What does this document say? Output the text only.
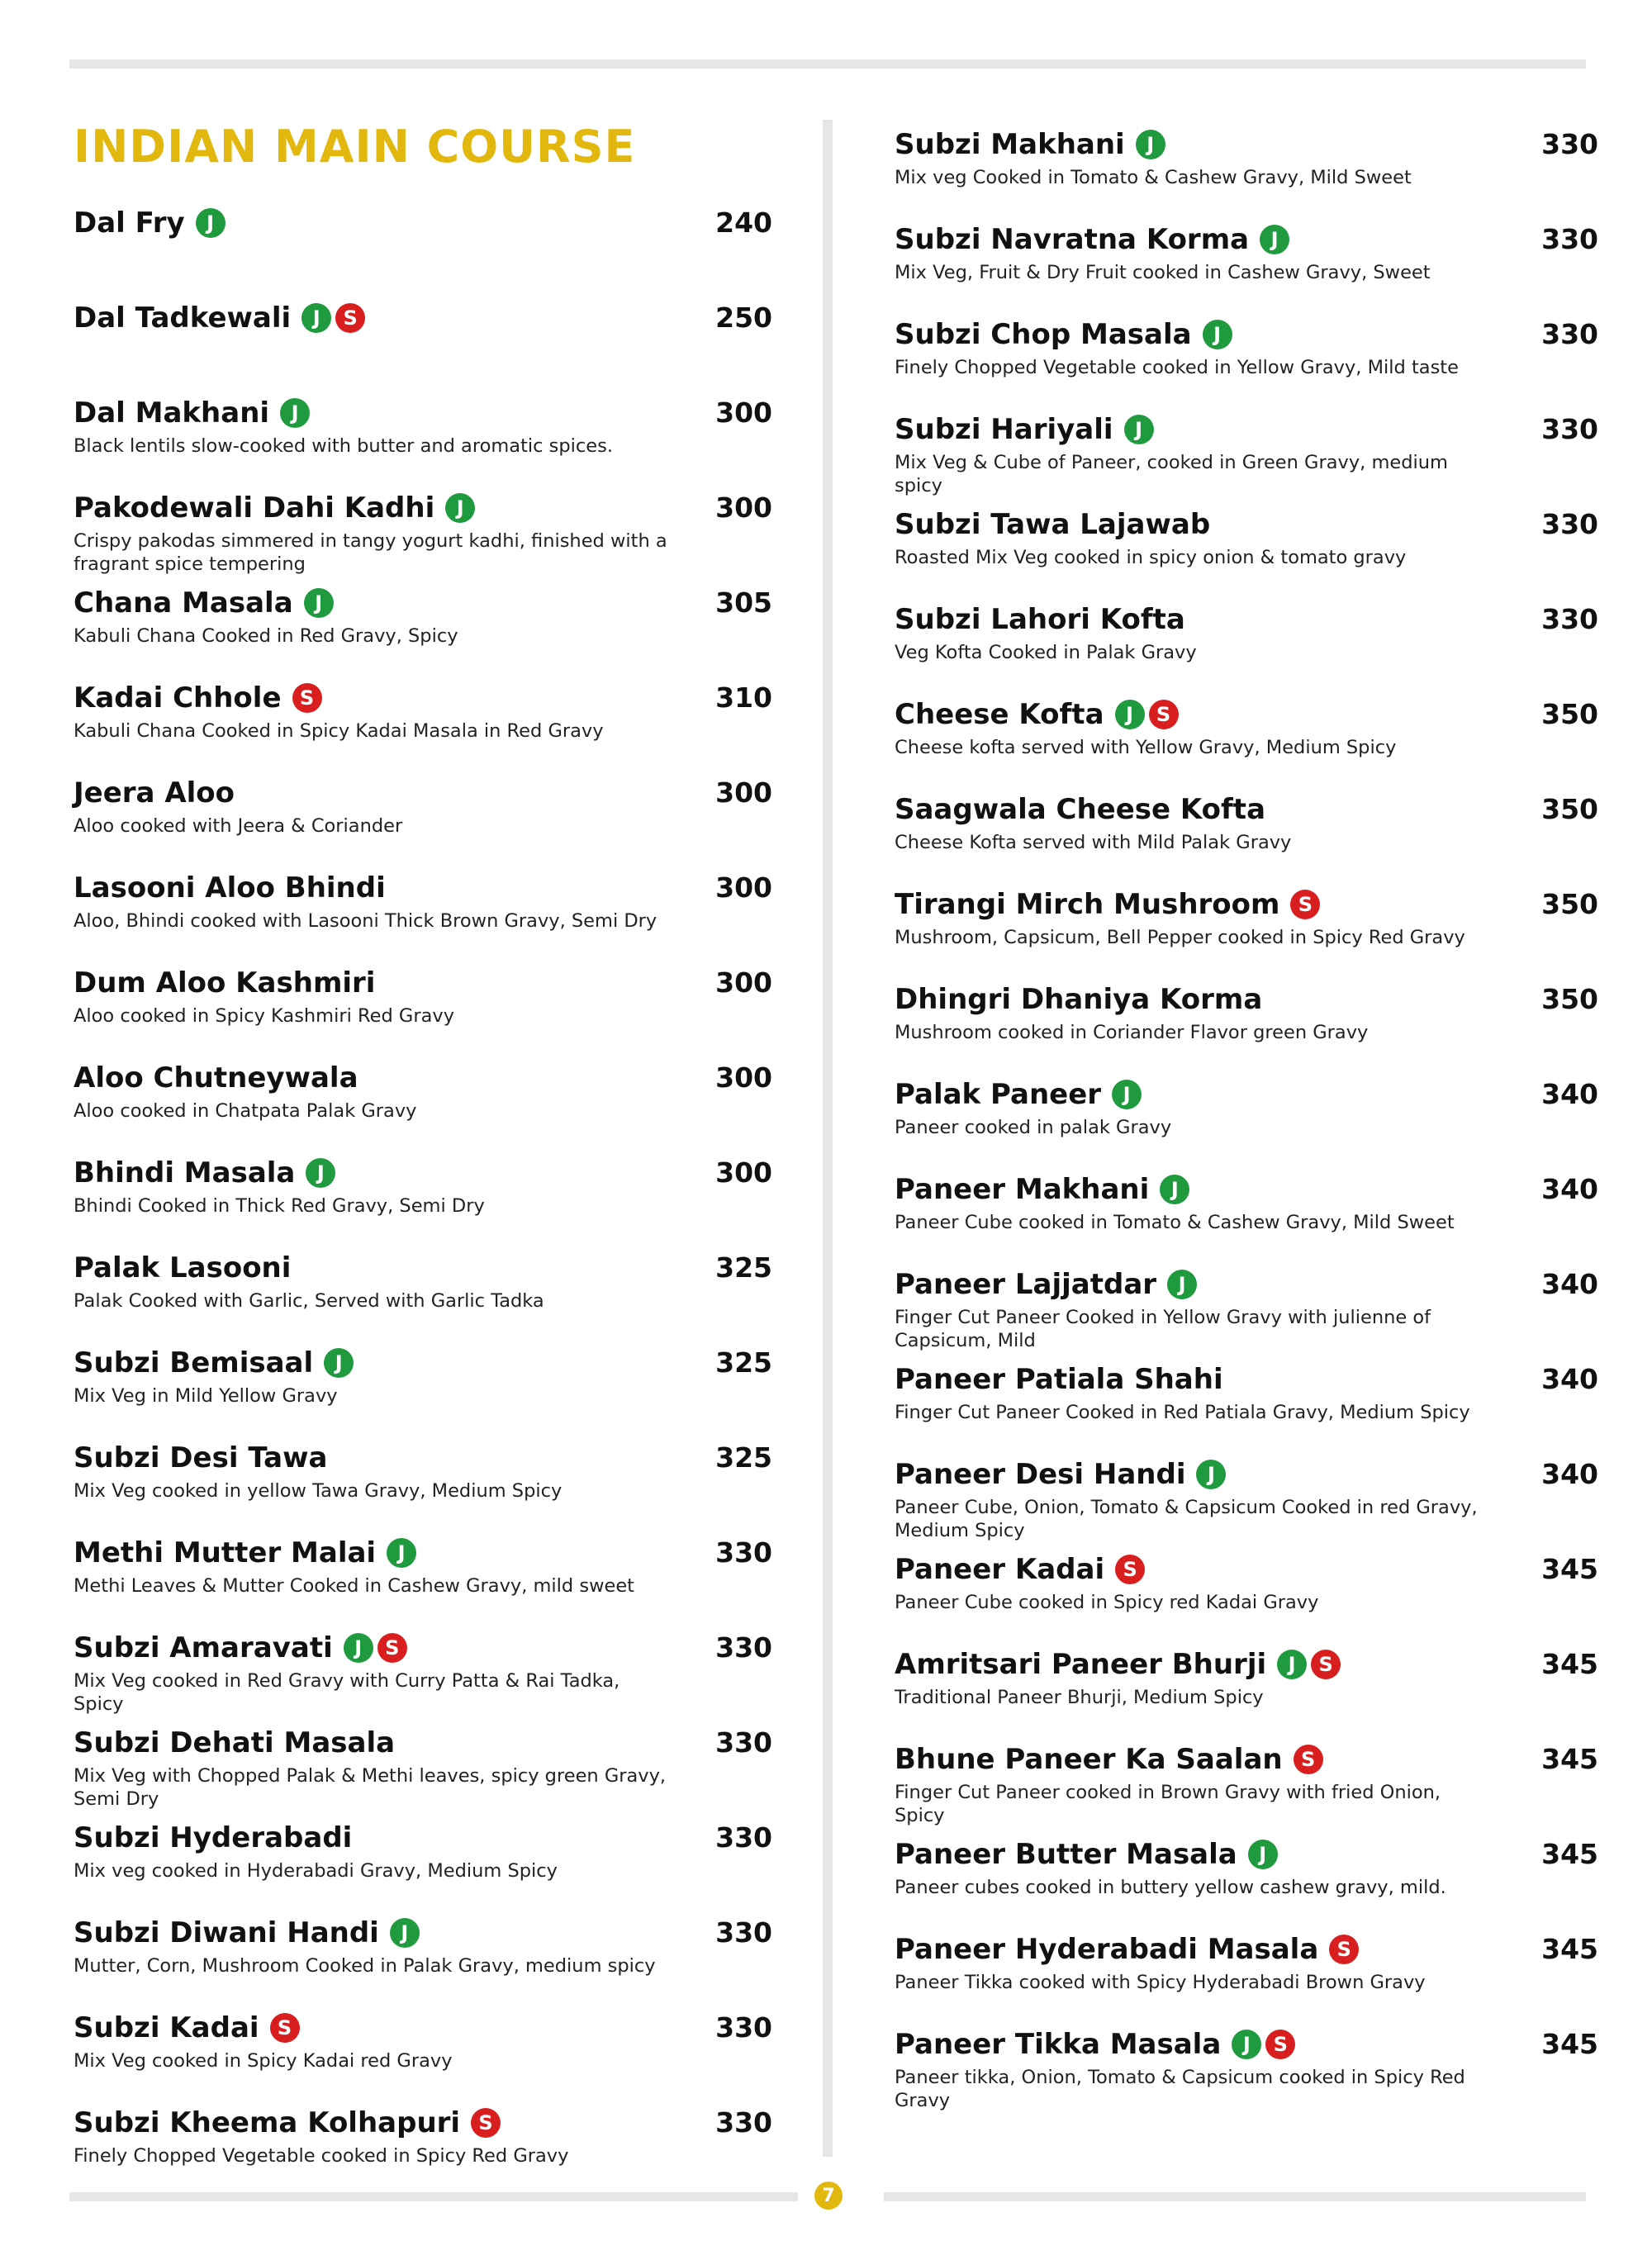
INDIAN MAIN COURSE
Dal Fry	J	240
Dal Tadkewali	J	S	250
Dal Makhani	J	300
Black lentils slow-cooked with butter and aromatic spices.
Pakodewali Dahi Kadhi	J	300
Crispy pakodas simmered in tangy yogurt kadhi, finished with a fragrant spice tempering
Chana Masala	J	305
Kabuli Chana Cooked in Red Gravy, Spicy
Kadai Chhole S	310
Kabuli Chana Cooked in Spicy Kadai Masala in Red Gravy
Jeera Aloo	300
Aloo cooked with Jeera & Coriander
Lasooni Aloo Bhindi	300
Aloo, Bhindi cooked with Lasooni Thick Brown Gravy, Semi Dry
Dum Aloo Kashmiri	300
Aloo cooked in Spicy Kashmiri Red Gravy
Aloo Chutneywala	300
Aloo cooked in Chatpata Palak Gravy
Bhindi Masala	J	300
Bhindi Cooked in Thick Red Gravy, Semi Dry
Palak Lasooni	325
Palak Cooked with Garlic, Served with Garlic Tadka
Subzi Bemisaal	J	325
Mix Veg in Mild Yellow Gravy
Subzi Desi Tawa	325
Mix Veg cooked in yellow Tawa Gravy, Medium Spicy
Methi Mutter Malai	J	330
Methi Leaves & Mutter Cooked in Cashew Gravy, mild sweet
Subzi Amaravati	J	S	330
Mix Veg cooked in Red Gravy with Curry Patta & Rai Tadka, Spicy
Subzi Dehati Masala	330
Mix Veg with Chopped Palak & Methi leaves, spicy green Gravy, Semi Dry
Subzi Hyderabadi	330
Mix veg cooked in Hyderabadi Gravy, Medium Spicy
Subzi Diwani Handi	J	330
Mutter, Corn, Mushroom Cooked in Palak Gravy, medium spicy
Subzi Kadai S	330
Mix Veg cooked in Spicy Kadai red Gravy
Subzi Kheema Kolhapuri S	330
Finely Chopped Vegetable cooked in Spicy Red Gravy
Subzi Makhani	J	330
Mix veg Cooked in Tomato & Cashew Gravy, Mild Sweet
Subzi Navratna Korma	J	330
Mix Veg, Fruit & Dry Fruit cooked in Cashew Gravy, Sweet
Subzi Chop Masala	J	330
Finely Chopped Vegetable cooked in Yellow Gravy, Mild taste
Subzi Hariyali	J	330
Mix Veg & Cube of Paneer, cooked in Green Gravy, medium spicy
Subzi Tawa Lajawab	330
Roasted Mix Veg cooked in spicy onion & tomato gravy
Subzi Lahori Kofta	330
Veg Kofta Cooked in Palak Gravy
Cheese Kofta	J	S	350
Cheese kofta served with Yellow Gravy, Medium Spicy
Saagwala Cheese Kofta	350
Cheese Kofta served with Mild Palak Gravy
Tirangi Mirch Mushroom S	350
Mushroom, Capsicum, Bell Pepper cooked in Spicy Red Gravy
Dhingri Dhaniya Korma	350
Mushroom cooked in Coriander Flavor green Gravy
Palak Paneer	J	340
Paneer cooked in palak Gravy
Paneer Makhani	J	340
Paneer Cube cooked in Tomato & Cashew Gravy, Mild Sweet
Paneer Lajjatdar	J	340
Finger Cut Paneer Cooked in Yellow Gravy with julienne of Capsicum, Mild
Paneer Patiala Shahi	340
Finger Cut Paneer Cooked in Red Patiala Gravy, Medium Spicy
Paneer Desi Handi	J	340
Paneer Cube, Onion, Tomato & Capsicum Cooked in red Gravy, Medium Spicy
Paneer Kadai S	345
Paneer Cube cooked in Spicy red Kadai Gravy
Amritsari Paneer Bhurji	J	S	345
Traditional Paneer Bhurji, Medium Spicy
Bhune Paneer Ka Saalan S	345
Finger Cut Paneer cooked in Brown Gravy with fried Onion, Spicy
Paneer Butter Masala	J	345
Paneer cubes cooked in buttery yellow cashew gravy, mild.
Paneer Hyderabadi Masala S	345
Paneer Tikka cooked with Spicy Hyderabadi Brown Gravy
Paneer Tikka Masala	J	S	345
Paneer tikka, Onion, Tomato & Capsicum cooked in Spicy Red Gravy
7
